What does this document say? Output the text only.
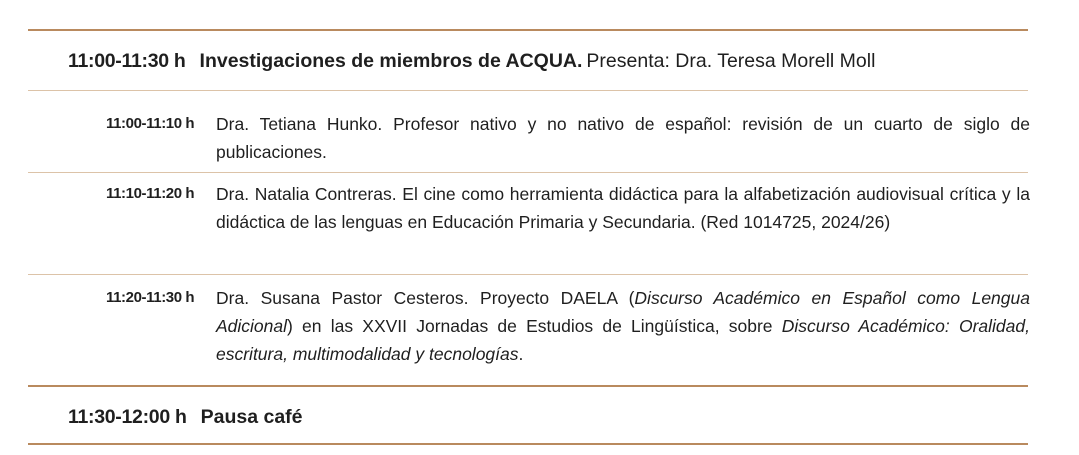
11:00-11:30 h Investigaciones de miembros de ACQUA. Presenta: Dra. Teresa Morell Moll
11:00-11:10 h Dra. Tetiana Hunko. Profesor nativo y no nativo de español: revisión de un cuarto de siglo de publicaciones.
11:10-11:20 h Dra. Natalia Contreras. El cine como herramienta didáctica para la alfabetización audiovisual crítica y la didáctica de las lenguas en Educación Primaria y Secundaria. (Red 1014725, 2024/26)
11:20-11:30 h Dra. Susana Pastor Cesteros. Proyecto DAELA (Discurso Académico en Español como Lengua Adicional) en las XXVII Jornadas de Estudios de Lingüística, sobre Discurso Académico: Oralidad, escritura, multimodalidad y tecnologías.
11:30-12:00 h Pausa café
